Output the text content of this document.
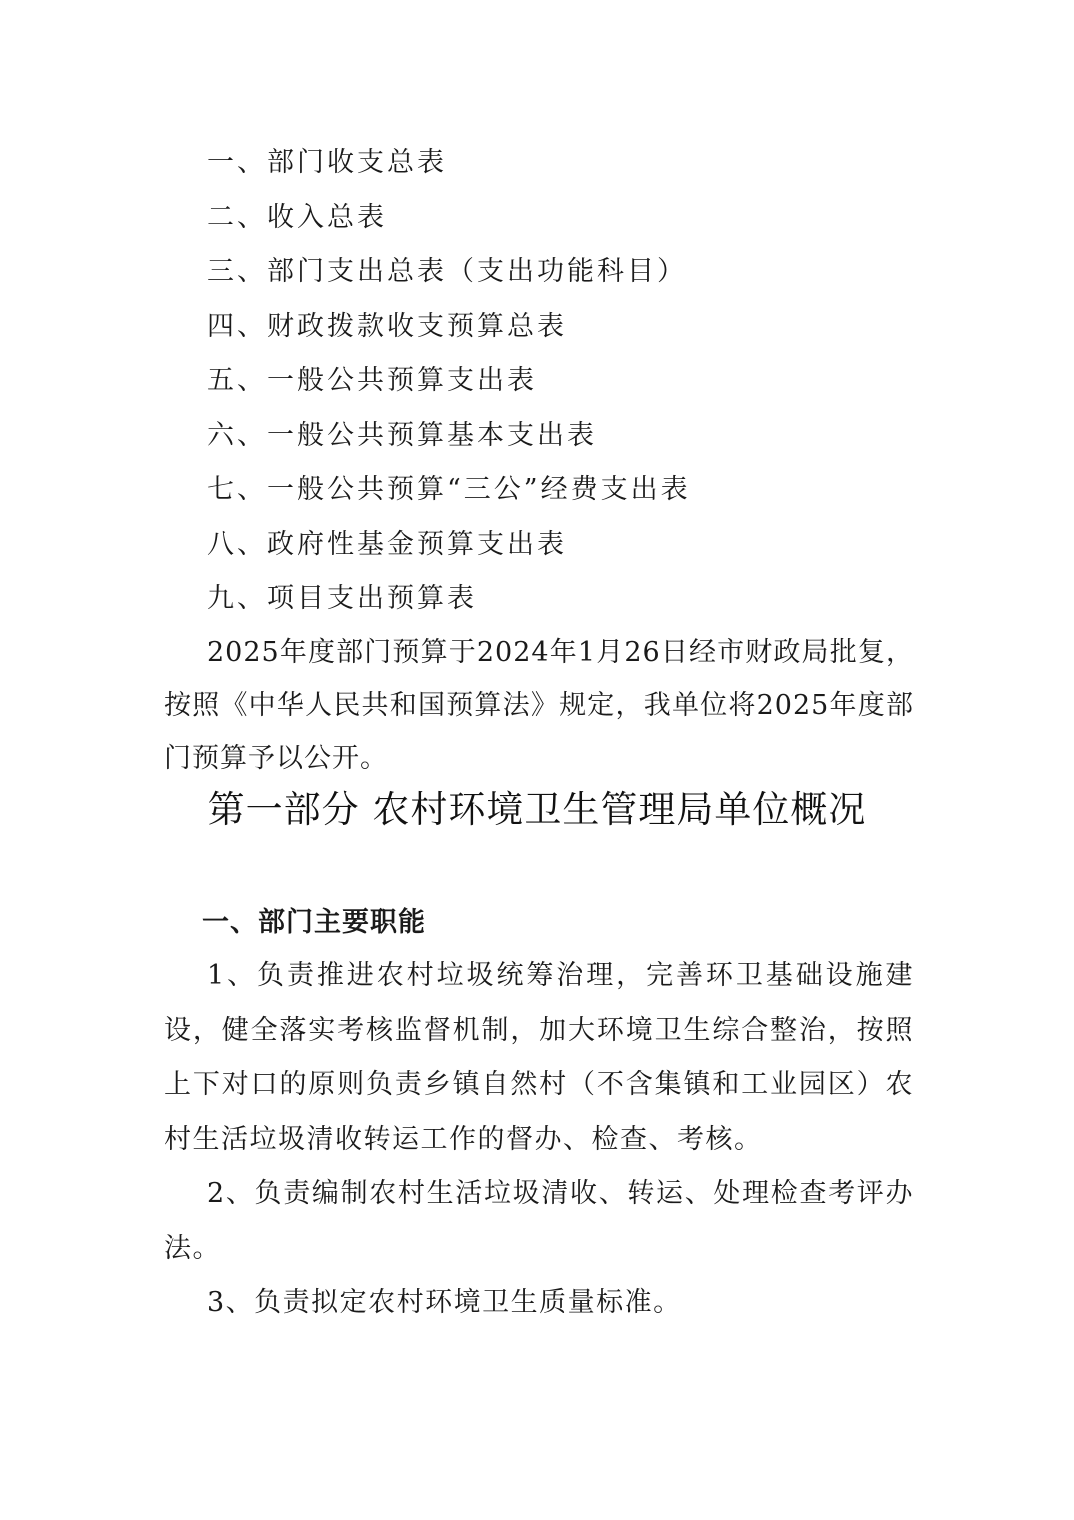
一、部门收支总表
二、收入总表
三、部门支出总表（支出功能科目）
四、财政拨款收支预算总表
五、一般公共预算支出表
六、一般公共预算基本支出表
七、一般公共预算“三公”经费支出表
八、政府性基金预算支出表
九、项目支出预算表
2025年度部门预算于2024年1月26日经市财政局批复，按照《中华人民共和国预算法》规定，我单位将2025年度部门预算予以公开。
第一部分 农村环境卫生管理局单位概况
一、部门主要职能
1、负责推进农村垃圾统筹治理，完善环卫基础设施建设，健全落实考核监督机制，加大环境卫生综合整治，按照上下对口的原则负责乡镇自然村（不含集镇和工业园区）农村生活垃圾清收转运工作的督办、检查、考核。
2、负责编制农村生活垃圾清收、转运、处理检查考评办法。
3、负责拟定农村环境卫生质量标准。
